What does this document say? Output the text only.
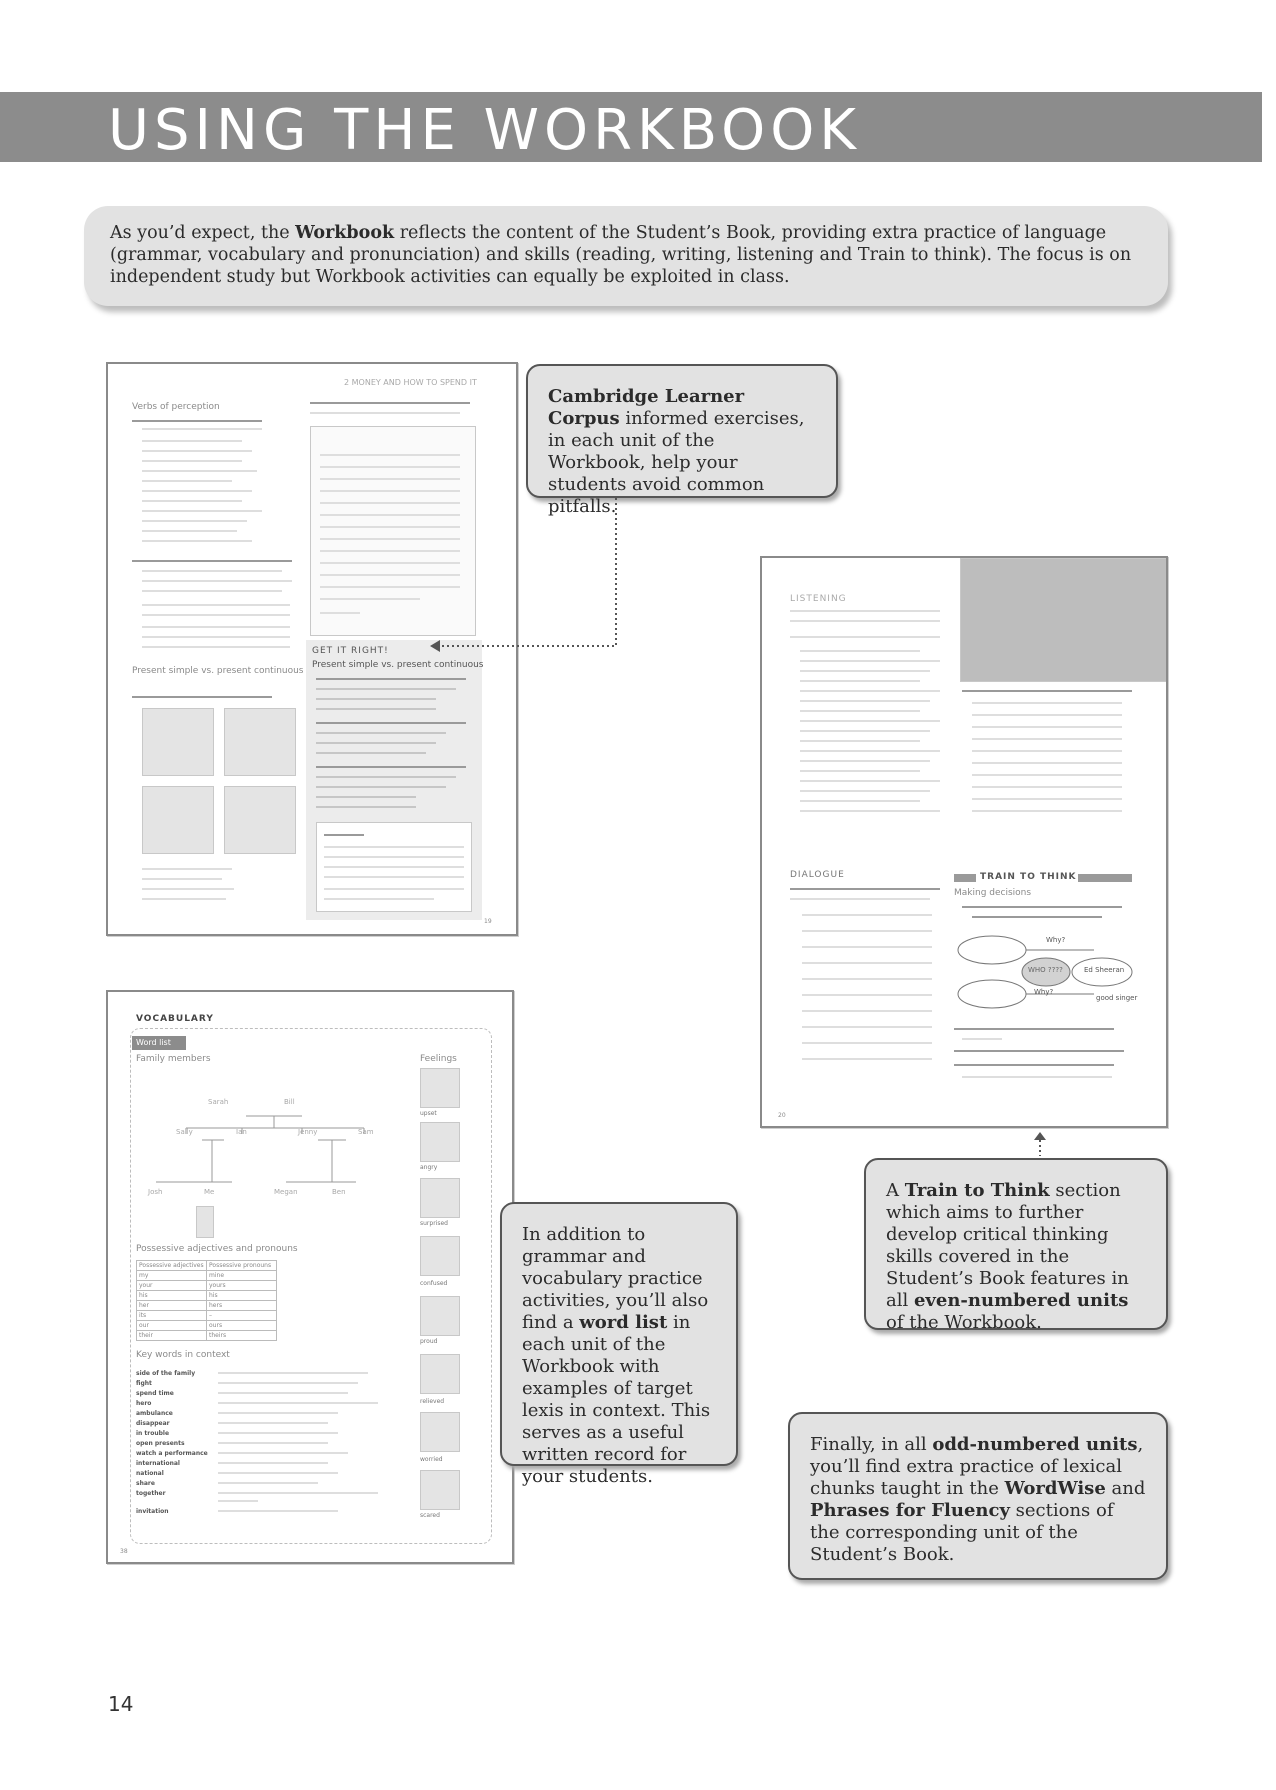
USING THE WORKBOOK
As you’d expect, the Workbook reflects the content of the Student’s Book, providing extra practice of language (grammar, vocabulary and pronunciation) and skills (reading, writing, listening and Train to think). The focus is on independent study but Workbook activities can equally be exploited in class.
2 MONEY AND HOW TO SPEND IT
Verbs of perception
Present simple vs. present continuous
GET IT RIGHT!
Present simple vs. present continuous
19
Cambridge Learner Corpus informed exercises, in each unit of the Workbook, help your students avoid common pitfalls.
LISTENING
DIALOGUE	TRAIN TO THINK
Making decisions
WHO ????
Why?
Why?
Ed Sheeran
good singer
20
A Train to Think section which aims to further develop critical thinking skills covered in the Student’s Book features in all even-numbered units of the Workbook.
VOCABULARY
Word list
Family members	Feelings
Sarah	Bill
Sally	Ian	Jenny	Sam
Josh	Me	Megan	Ben
Possessive adjectives and pronouns
Possessive adjectives	Possessive pronouns
my	mine
your	yours
his	his
her	hers
its	–
our	ours
their	theirs
Key words in context
side of the family
fight
spend time
hero
ambulance
disappear
in trouble
open presents
watch a performance
international
national
share
together
invitation
upset
angry
surprised
confused
proud
relieved
worried
scared
38
In addition to grammar and vocabulary practice activities, you’ll also find a word list in each unit of the Workbook with examples of target lexis in context. This serves as a useful written record for your students.
Finally, in all odd-numbered units, you’ll find extra practice of lexical chunks taught in the WordWise and Phrases for Fluency sections of the corresponding unit of the Student’s Book.
14
